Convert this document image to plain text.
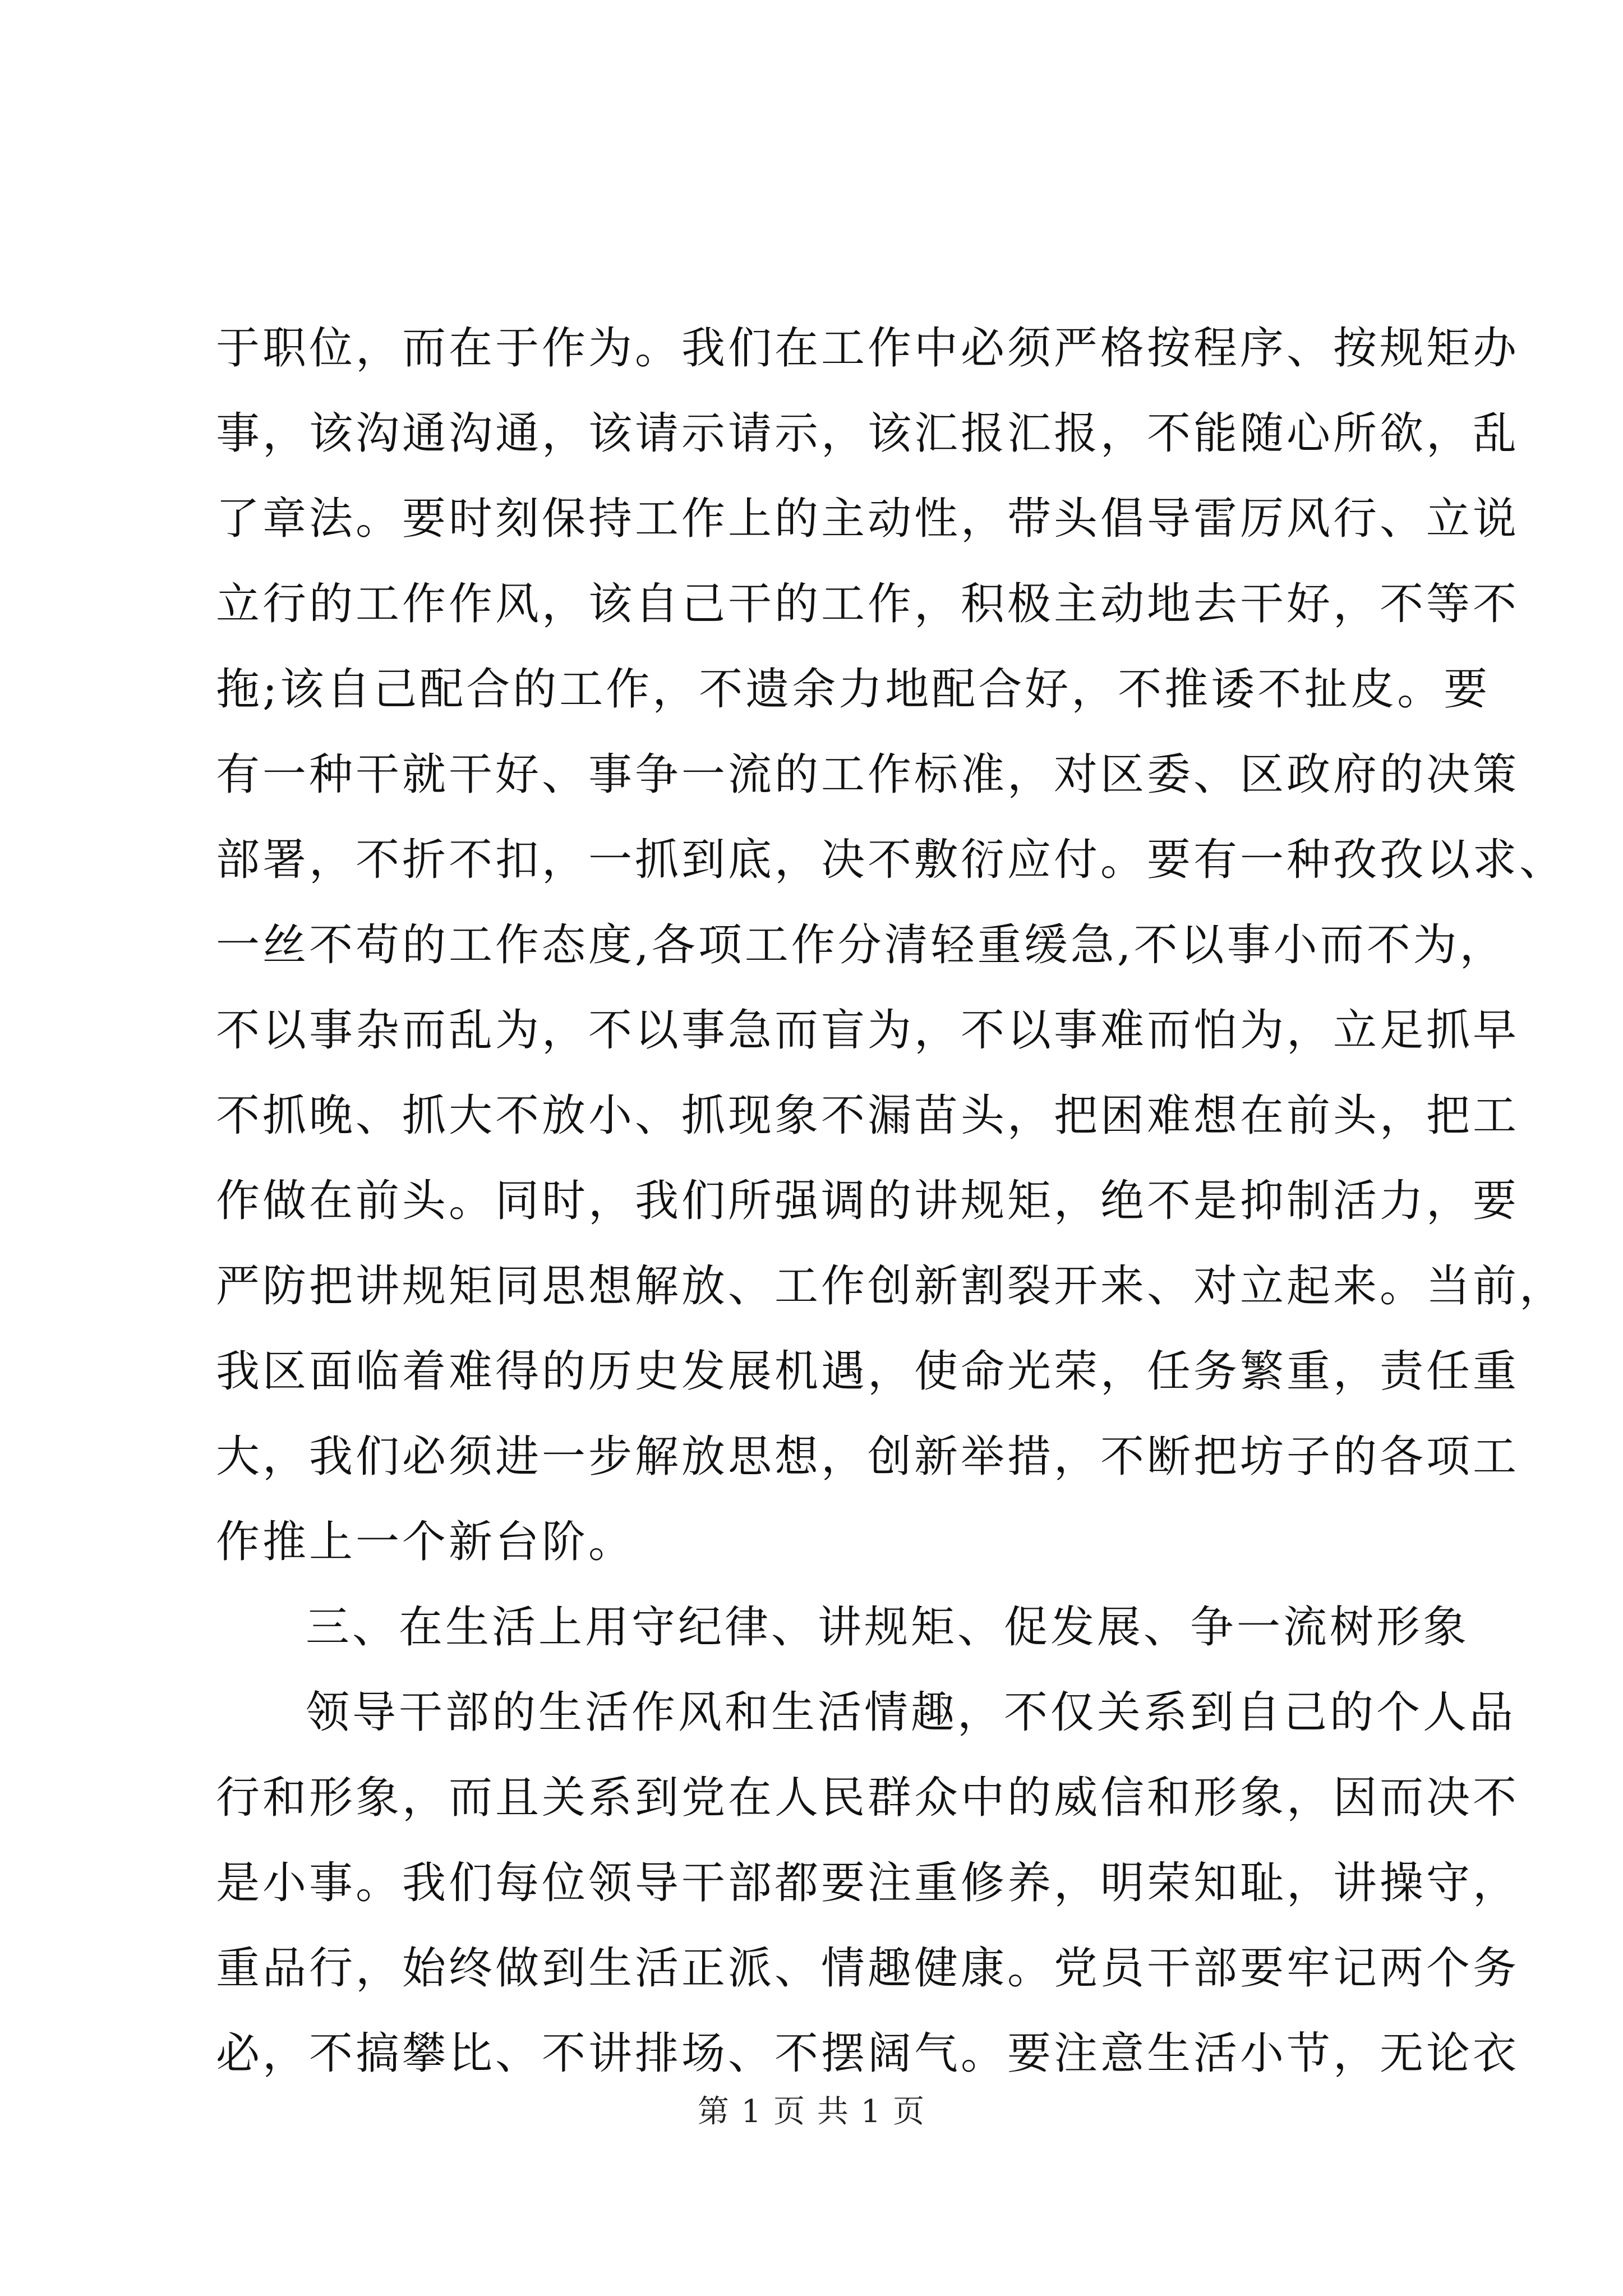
于职位，而在于作为。我们在工作中必须严格按程序、按规矩办
事，该沟通沟通，该请示请示，该汇报汇报，不能随心所欲，乱
了章法。要时刻保持工作上的主动性，带头倡导雷厉风行、立说
立行的工作作风，该自己干的工作，积极主动地去干好，不等不
拖;该自己配合的工作，不遗余力地配合好，不推诿不扯皮。要
有一种干就干好、事争一流的工作标准，对区委、区政府的决策
部署，不折不扣，一抓到底，决不敷衍应付。要有一种孜孜以求、
一丝不苟的工作态度,各项工作分清轻重缓急,不以事小而不为，
不以事杂而乱为，不以事急而盲为，不以事难而怕为，立足抓早
不抓晚、抓大不放小、抓现象不漏苗头，把困难想在前头，把工
作做在前头。同时，我们所强调的讲规矩，绝不是抑制活力，要
严防把讲规矩同思想解放、工作创新割裂开来、对立起来。当前，
我区面临着难得的历史发展机遇，使命光荣，任务繁重，责任重
大，我们必须进一步解放思想，创新举措，不断把坊子的各项工
作推上一个新台阶。
三、在生活上用守纪律、讲规矩、促发展、争一流树形象
领导干部的生活作风和生活情趣，不仅关系到自己的个人品
行和形象，而且关系到党在人民群众中的威信和形象，因而决不
是小事。我们每位领导干部都要注重修养，明荣知耻，讲操守，
重品行，始终做到生活正派、情趣健康。党员干部要牢记两个务
必，不搞攀比、不讲排场、不摆阔气。要注意生活小节，无论衣
第 1 页 共 1 页
